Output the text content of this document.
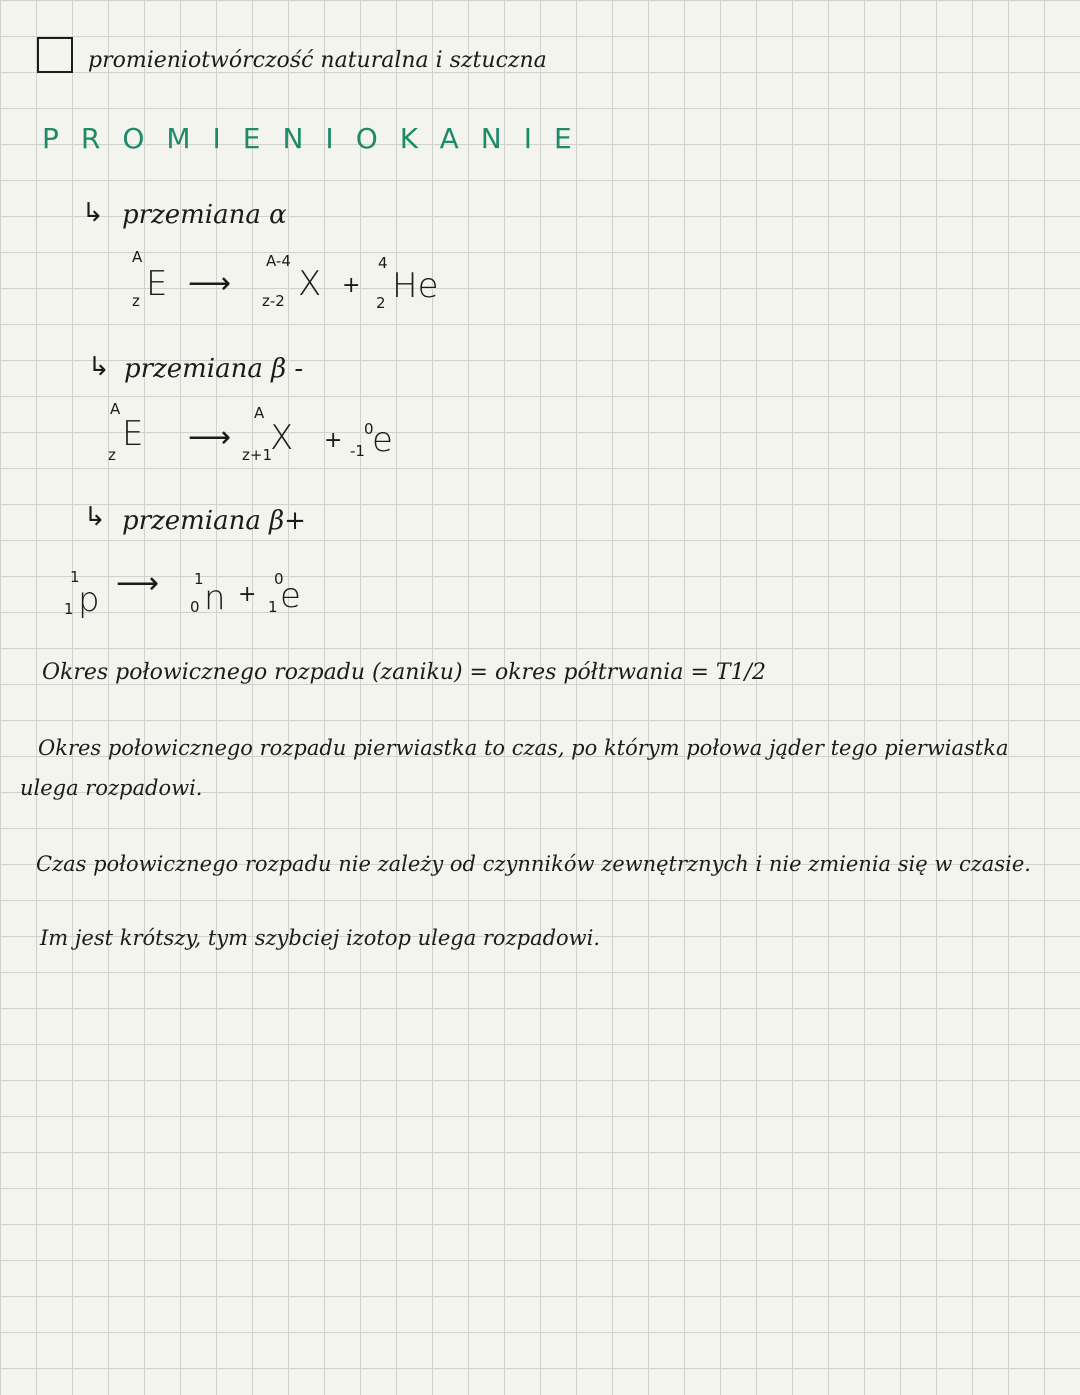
promieniotwórczość naturalna i sztuczna
PROMIENIOKANIE
↳ przemiana α
A
z E ⟶
A-4
z-2 X +
4
2 He
↳ przemiana β -
A
z
E ⟶
A
z+1
X + 0
-1 e
↳ przemiana β+
1
1 p ⟶ 1
0 n +
0
1 e
Okres połowicznego rozpadu (zaniku) = okres półtrwania = T1/2
Okres połowicznego rozpadu pierwiastka to czas, po którym połowa jąder tego pierwiastka
ulega rozpadowi.
Czas połowicznego rozpadu nie zależy od czynników zewnętrznych i nie zmienia się w czasie.
Im jest krótszy, tym szybciej izotop ulega rozpadowi.
